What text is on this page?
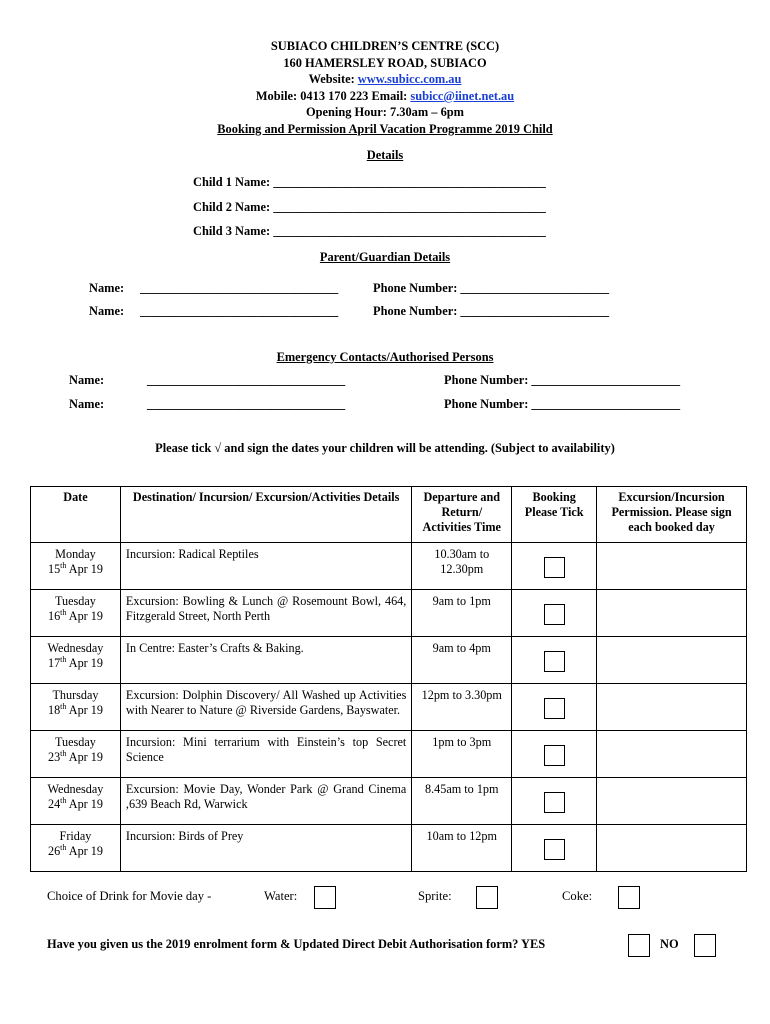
SUBIACO CHILDREN’S CENTRE (SCC)
160 HAMERSLEY ROAD, SUBIACO
Website: www.subicc.com.au
Mobile: 0413 170 223 Email: subicc@iinet.net.au
Opening Hour: 7.30am – 6pm
Booking and Permission April Vacation Programme 2019 Child
Details
Child 1 Name: ____________________________________________
Child 2 Name: ____________________________________________
Child 3 Name: ____________________________________________
Parent/Guardian Details
Name: ________________________________	Phone Number: ________________________
Name: ________________________________	Phone Number: ________________________
Emergency Contacts/Authorised Persons
Name:	________________________________	Phone Number: ________________________
Name:	________________________________	Phone Number: ________________________
Please tick √ and sign the dates your children will be attending. (Subject to availability)
Date	Destination/ Incursion/ Excursion/Activities Details	Departure and Return/ Activities Time	Booking Please Tick	Excursion/Incursion Permission. Please sign each booked day
Monday
15th Apr 19	Incursion: Radical Reptiles	10.30am to 12.30pm		
Tuesday
16th Apr 19	Excursion: Bowling & Lunch @ Rosemount Bowl, 464, Fitzgerald Street, North Perth	9am to 1pm		
Wednesday
17th Apr 19	In Centre: Easter’s Crafts & Baking.	9am to 4pm		
Thursday
18th Apr 19	Excursion: Dolphin Discovery/ All Washed up Activities with Nearer to Nature @ Riverside Gardens, Bayswater.	12pm to 3.30pm		
Tuesday
23th Apr 19	Incursion: Mini terrarium with Einstein’s top Secret Science	1pm to 3pm		
Wednesday
24th Apr 19	Excursion: Movie Day, Wonder Park @ Grand Cinema ,639 Beach Rd, Warwick	8.45am to 1pm		
Friday
26th Apr 19	Incursion: Birds of Prey	10am to 12pm		
Choice of Drink for Movie day -	Water:	Sprite:	Coke:
Have you given us the 2019 enrolment form & Updated Direct Debit Authorisation form? YES	NO
